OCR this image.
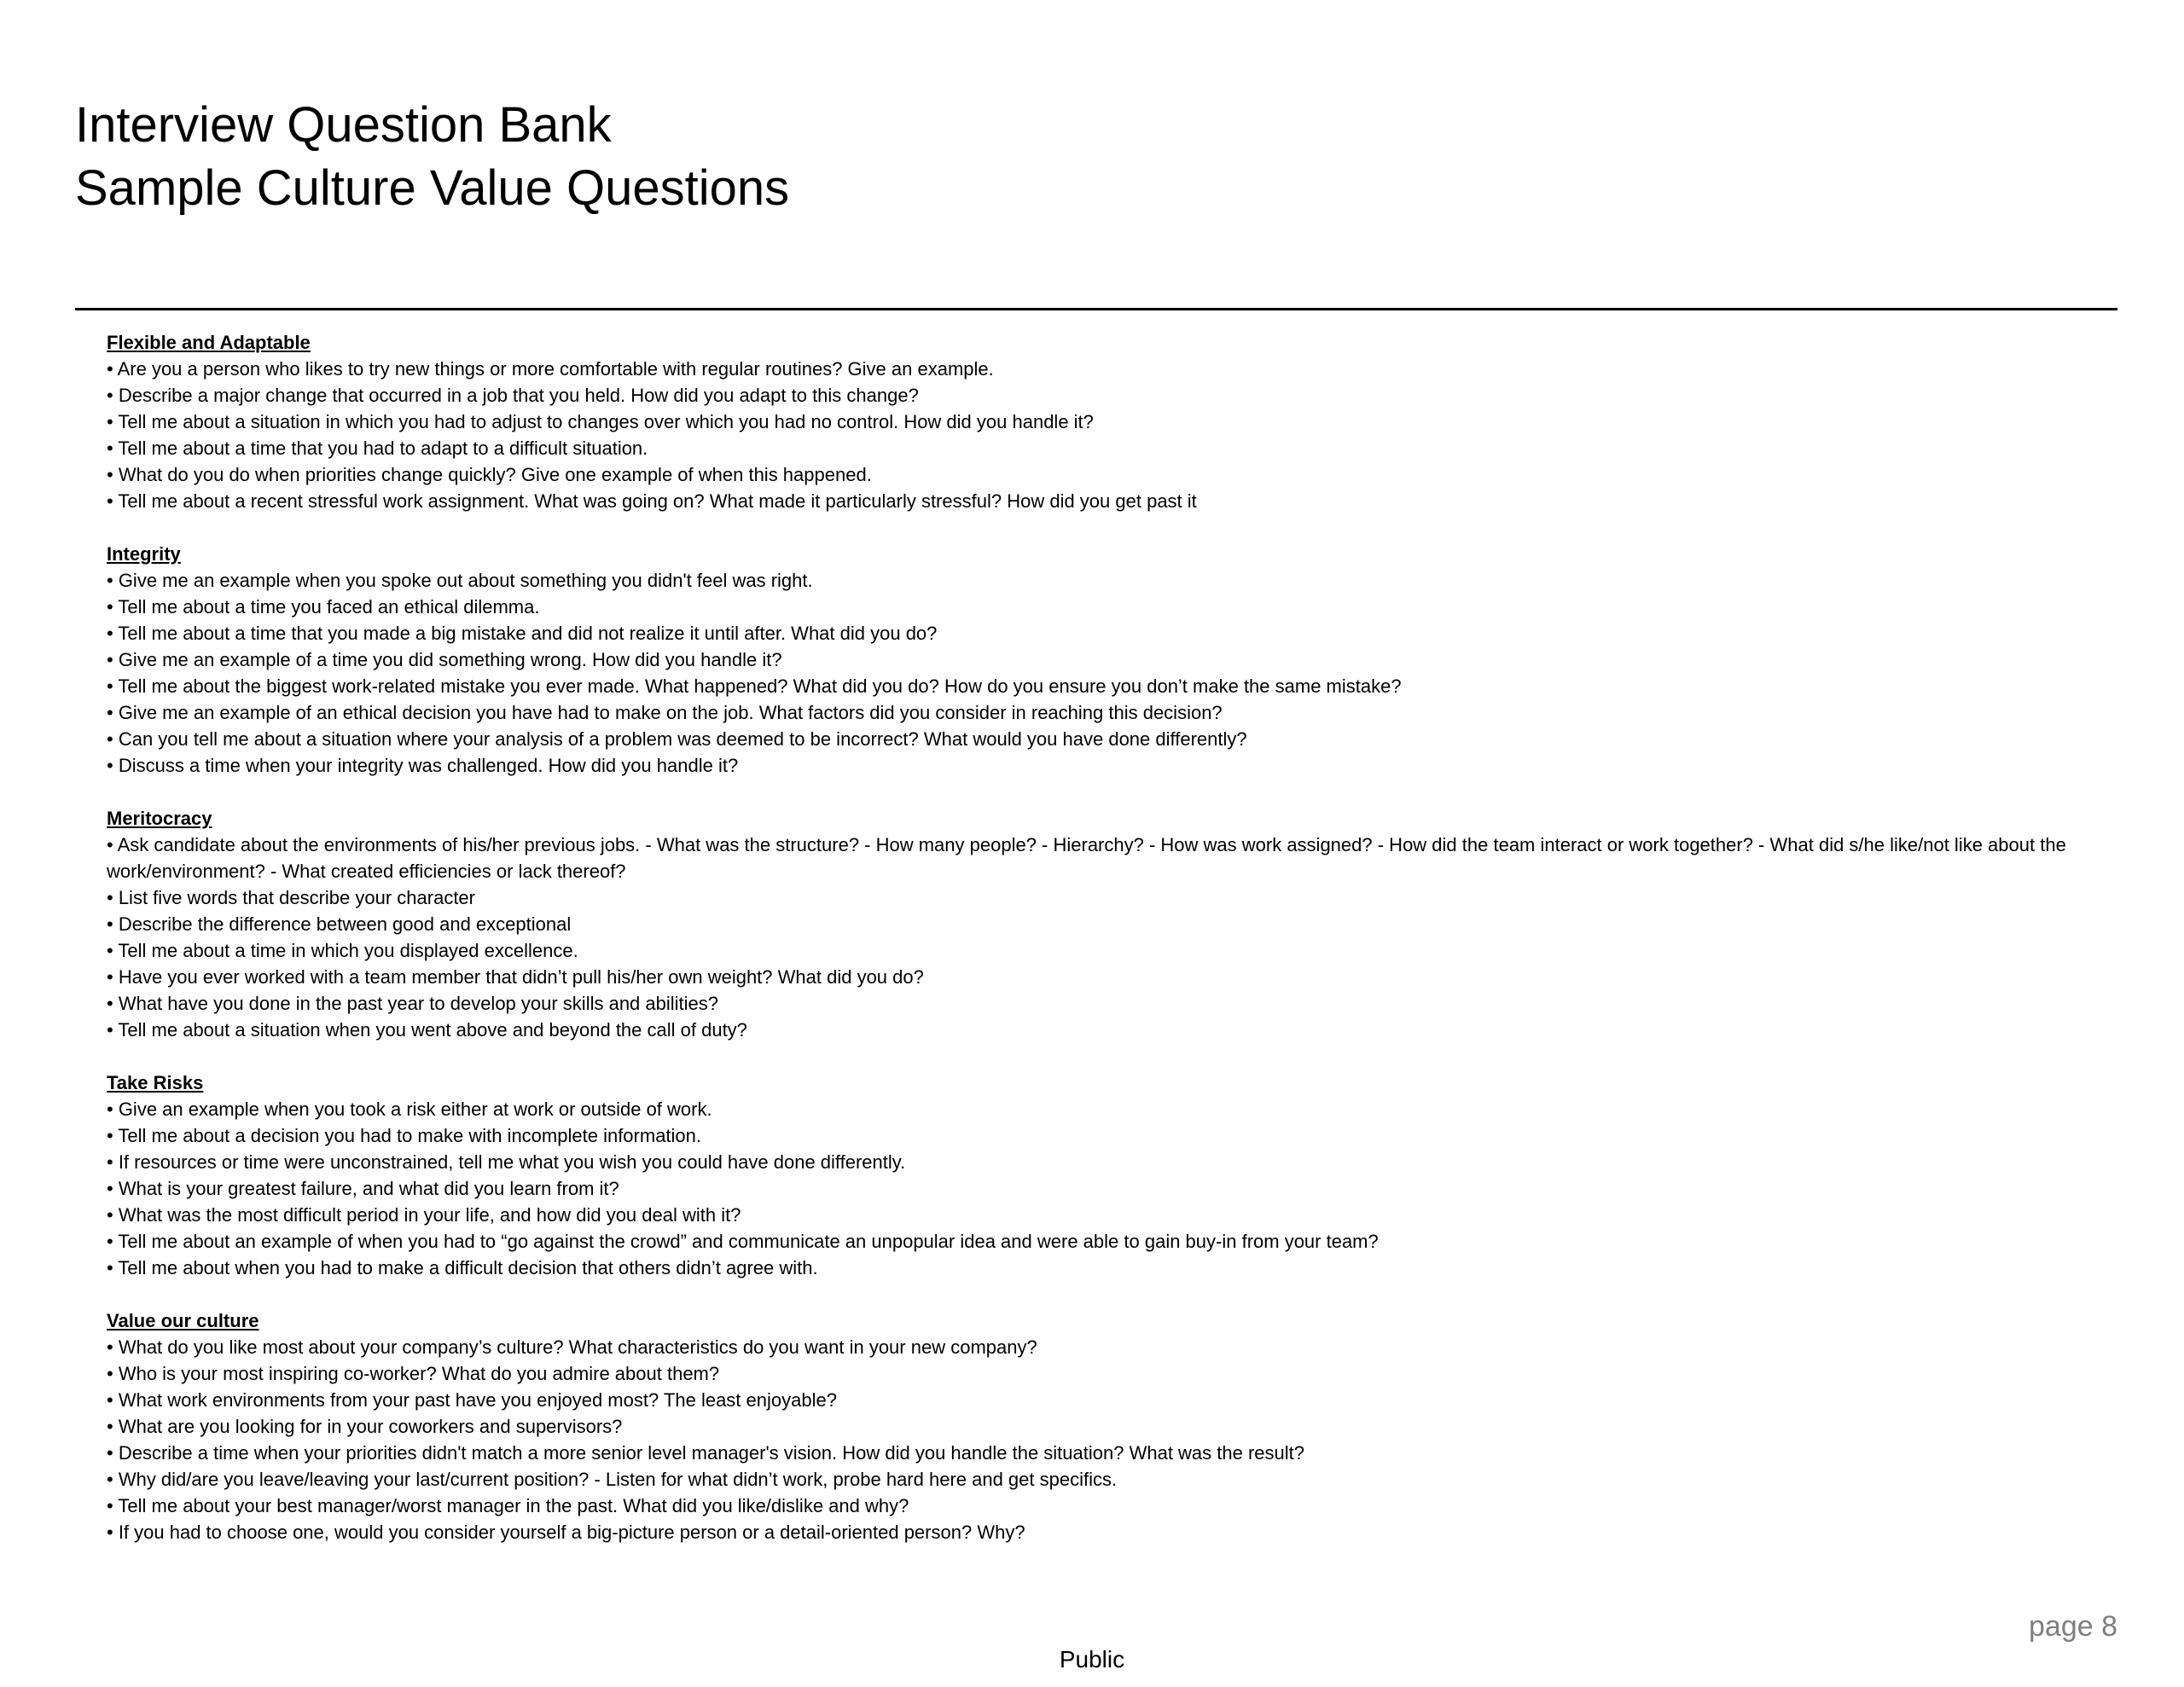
Interview Question Bank
Sample Culture Value Questions
Flexible and Adaptable
• Are you a person who likes to try new things or more comfortable with regular routines? Give an example.
• Describe a major change that occurred in a job that you held. How did you adapt to this change?
• Tell me about a situation in which you had to adjust to changes over which you had no control. How did you handle it?
• Tell me about a time that you had to adapt to a difficult situation.
• What do you do when priorities change quickly? Give one example of when this happened.
• Tell me about a recent stressful work assignment. What was going on? What made it particularly stressful? How did you get past it
Integrity
• Give me an example when you spoke out about something you didn't feel was right.
• Tell me about a time you faced an ethical dilemma.
• Tell me about a time that you made a big mistake and did not realize it until after. What did you do?
• Give me an example of a time you did something wrong. How did you handle it?
• Tell me about the biggest work-related mistake you ever made. What happened? What did you do? How do you ensure you don’t make the same mistake?
• Give me an example of an ethical decision you have had to make on the job. What factors did you consider in reaching this decision?
• Can you tell me about a situation where your analysis of a problem was deemed to be incorrect? What would you have done differently?
• Discuss a time when your integrity was challenged. How did you handle it?
Meritocracy
• Ask candidate about the environments of his/her previous jobs. - What was the structure? - How many people? - Hierarchy? - How was work assigned? - How did the team interact or work together? - What did s/he like/not like about the work/environment? - What created efficiencies or lack thereof?
• List five words that describe your character
• Describe the difference between good and exceptional
• Tell me about a time in which you displayed excellence.
• Have you ever worked with a team member that didn’t pull his/her own weight? What did you do?
• What have you done in the past year to develop your skills and abilities?
• Tell me about a situation when you went above and beyond the call of duty?
Take Risks
• Give an example when you took a risk either at work or outside of work.
• Tell me about a decision you had to make with incomplete information.
• If resources or time were unconstrained, tell me what you wish you could have done differently.
• What is your greatest failure, and what did you learn from it?
• What was the most difficult period in your life, and how did you deal with it?
• Tell me about an example of when you had to “go against the crowd” and communicate an unpopular idea and were able to gain buy-in from your team?
• Tell me about when you had to make a difficult decision that others didn’t agree with.
Value our culture
• What do you like most about your company’s culture? What characteristics do you want in your new company?
• Who is your most inspiring co-worker? What do you admire about them?
• What work environments from your past have you enjoyed most? The least enjoyable?
• What are you looking for in your coworkers and supervisors?
• Describe a time when your priorities didn't match a more senior level manager's vision. How did you handle the situation? What was the result?
• Why did/are you leave/leaving your last/current position? - Listen for what didn’t work, probe hard here and get specifics.
• Tell me about your best manager/worst manager in the past. What did you like/dislike and why?
• If you had to choose one, would you consider yourself a big-picture person or a detail-oriented person? Why?
page 8
Public
